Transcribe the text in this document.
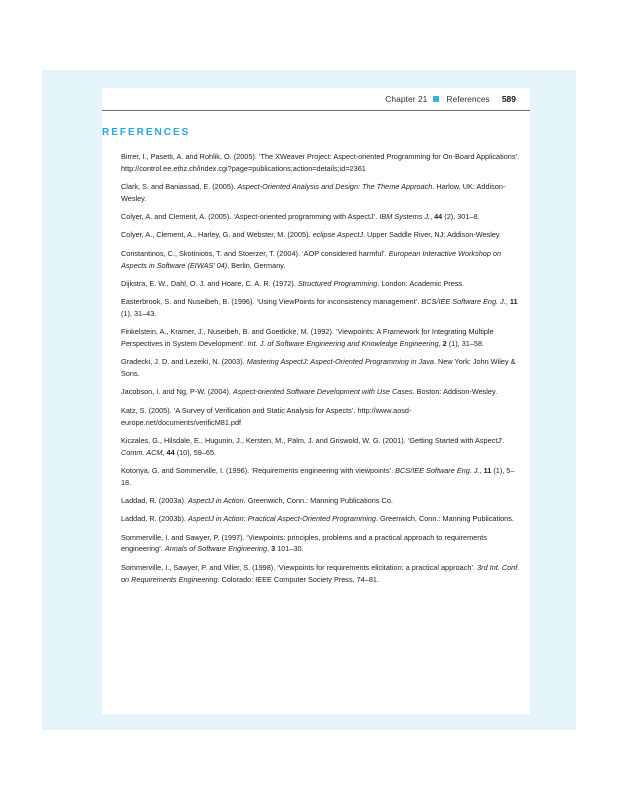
Chapter 21 References 589
REFERENCES
Birrer, I., Pasetti, A. and Rohlik, O. (2005). ‘The XWeaver Project: Aspect-oriented Programming for On-Board Applications’. http://control.ee.ethz.ch/index.cgi?page=publications;action=details;id=2361
Clark, S. and Baniassad, E. (2005). Aspect-Oriented Analysis and Design: The Theme Approach. Harlow, UK: Addison-Wesley.
Colyer, A. and Clement, A. (2005). ‘Aspect-oriented programming with AspectJ’. IBM Systems J., 44 (2), 301–8.
Colyer, A., Clement, A., Harley, G. and Webster, M. (2005). eclipse AspectJ. Upper Saddle River, NJ: Addison-Wesley.
Constantinos, C., Skotiniotis, T. and Stoerzer, T. (2004). ‘AOP considered harmful’. European Interactive Workshop on Aspects in Software (EIWAS’ 04), Berlin, Germany.
Dijkstra, E. W., Dahl, O. J. and Hoare, C. A. R. (1972). Structured Programming. London: Academic Press.
Easterbrook, S. and Nuseibeh, B. (1996). ‘Using ViewPoints for inconsistency management’. BCS/IEE Software Eng. J., 11 (1), 31–43.
Finkelstein, A., Kramer, J., Nuseibeh, B. and Goedicke, M. (1992). ‘Viewpoints: A Framework for Integrating Multiple Perspectives in System Development’. Int. J. of Software Engineering and Knowledge Engineering, 2 (1), 31–58.
Gradecki, J. D. and Lezeiki, N. (2003). Mastering AspectJ: Aspect-Oriented Programming in Java. New York: John Wiley & Sons.
Jacobson, I. and Ng, P-W. (2004). Aspect-oriented Software Development with Use Cases. Boston: Addison-Wesley.
Katz, S. (2005). ‘A Survey of Verification and Static Analysis for Aspects’. http://www.aosd-europe.net/documents/verificM81.pdf
Kiczales, G., Hilsdale, E., Hugunin, J., Kersten, M., Palm, J. and Griswold, W. G. (2001). ‘Getting Started with AspectJ’. Comm. ACM, 44 (10), 59–65.
Kotonya, G. and Sommerville, I. (1996). ‘Requirements engineering with viewpoints’. BCS/IEE Software Eng. J., 11 (1), 5–18.
Laddad, R. (2003a). AspectJ in Action. Greenwich, Conn.: Manning Publications Co.
Laddad, R. (2003b). AspectJ in Action: Practical Aspect-Oriented Programming. Greenwich, Conn.: Manning Publications.
Sommerville, I. and Sawyer, P. (1997). ‘Viewpoints: principles, problems and a practical approach to requirements engineering’. Annals of Software Engineering, 3 101–30.
Sommerville, I., Sawyer, P. and Viller, S. (1998). ‘Viewpoints for requirements elicitation: a practical approach’. 3rd Int. Conf. on Requirements Engineering. Colorado: IEEE Computer Society Press, 74–81.
